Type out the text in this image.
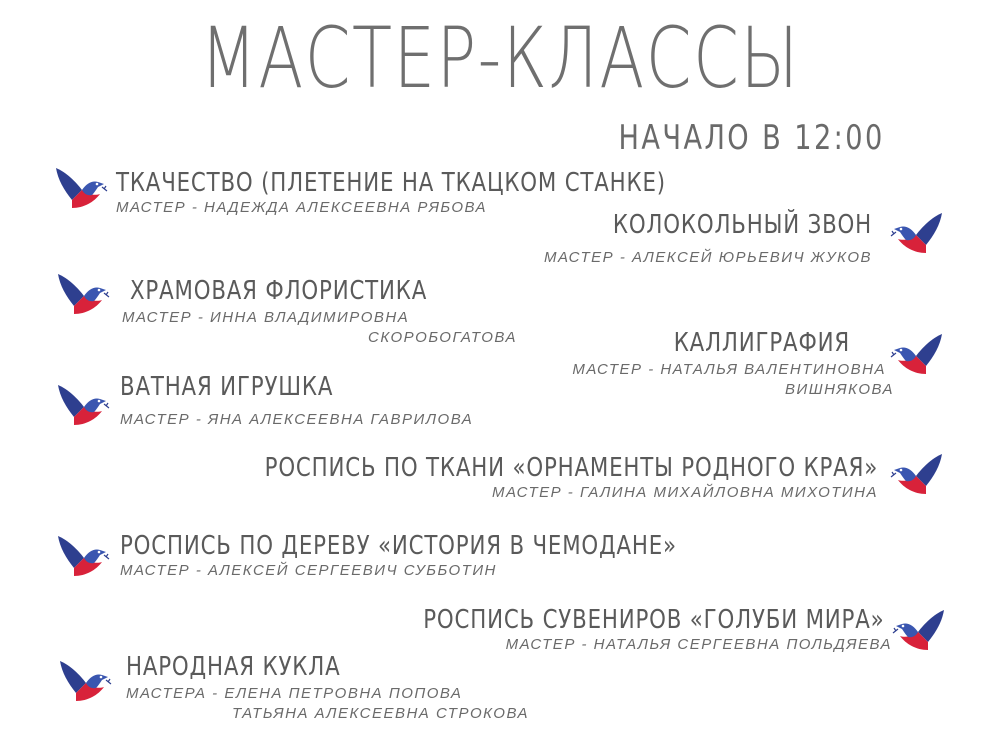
МАСТЕР-КЛАССЫ
НАЧАЛО В 12:00
ТКАЧЕСТВО (ПЛЕТЕНИЕ НА ТКАЦКОМ СТАНКЕ)
МАСТЕР - НАДЕЖДА АЛЕКСЕЕВНА РЯБОВА
КОЛОКОЛЬНЫЙ ЗВОН
МАСТЕР - АЛЕКСЕЙ ЮРЬЕВИЧ ЖУКОВ
ХРАМОВАЯ ФЛОРИСТИКА
МАСТЕР - ИННА ВЛАДИМИРОВНА
СКОРОБОГАТОВА	КАЛЛИГРАФИЯ
МАСТЕР - НАТАЛЬЯ ВАЛЕНТИНОВНА
ВИШНЯКОВА
ВАТНАЯ ИГРУШКА
МАСТЕР - ЯНА АЛЕКСЕЕВНА ГАВРИЛОВА
РОСПИСЬ ПО ТКАНИ «ОРНАМЕНТЫ РОДНОГО КРАЯ»
МАСТЕР - ГАЛИНА МИХАЙЛОВНА МИХОТИНА
РОСПИСЬ ПО ДЕРЕВУ «ИСТОРИЯ В ЧЕМОДАНЕ»
МАСТЕР - АЛЕКСЕЙ СЕРГЕЕВИЧ СУББОТИН
РОСПИСЬ СУВЕНИРОВ «ГОЛУБИ МИРА»
МАСТЕР - НАТАЛЬЯ СЕРГЕЕВНА ПОЛЬДЯЕВА
НАРОДНАЯ КУКЛА
МАСТЕРА - ЕЛЕНА ПЕТРОВНА ПОПОВА
ТАТЬЯНА АЛЕКСЕЕВНА СТРОКОВА
